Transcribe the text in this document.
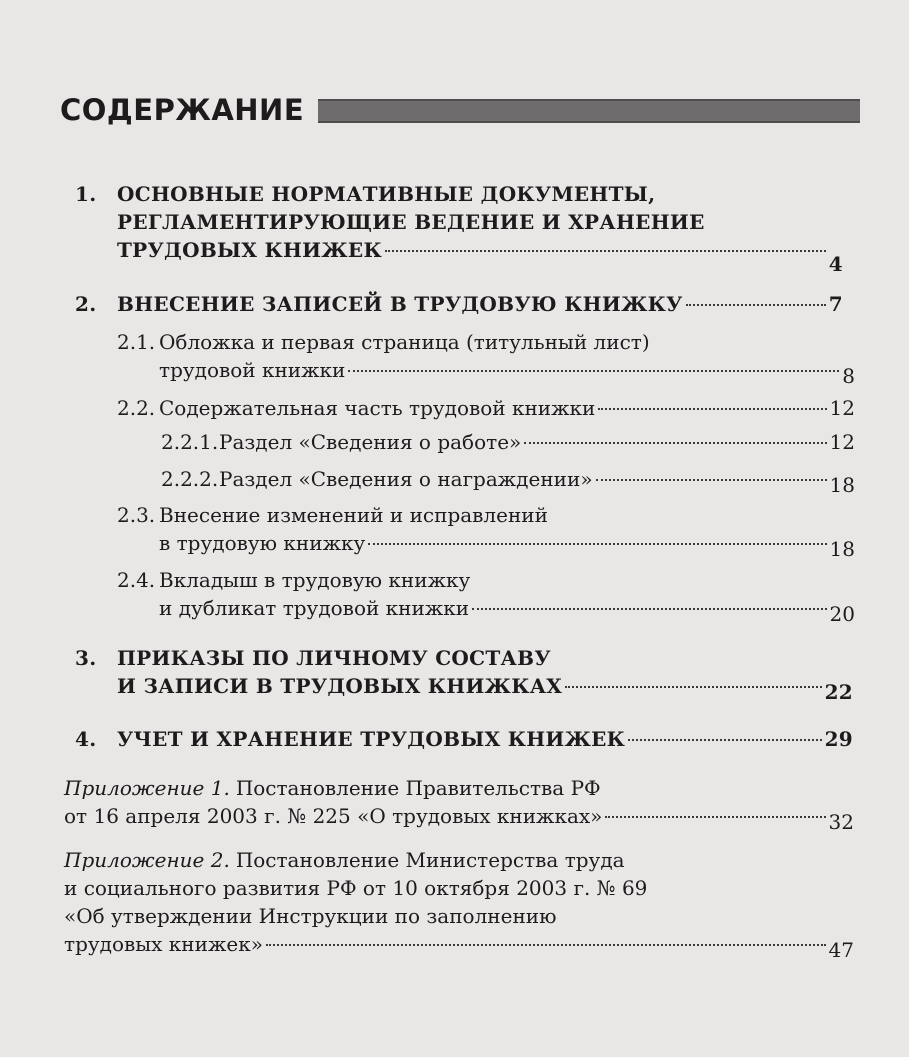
СОДЕРЖАНИЕ
1.	ОСНОВНЫЕ НОРМАТИВНЫЕ ДОКУМЕНТЫ,
РЕГЛАМЕНТИРУЮЩИЕ ВЕДЕНИЕ И ХРАНЕНИЕ
ТРУДОВЫХ КНИЖЕК
4
2.	ВНЕСЕНИЕ ЗАПИСЕЙ В ТРУДОВУЮ КНИЖКУ	7
2.1. Обложка и первая страница (титульный лист)
трудовой книжки	8
2.2. Содержательная часть трудовой книжки	12
2.2.1. Раздел «Сведения о работе»	12
2.2.2. Раздел «Сведения о награждении»	18
2.3. Внесение изменений и исправлений
в трудовую книжку	18
2.4. Вкладыш в трудовую книжку
и дубликат трудовой книжки	20
3.	ПРИКАЗЫ ПО ЛИЧНОМУ СОСТАВУ
И ЗАПИСИ В ТРУДОВЫХ КНИЖКАХ	22
4.	УЧЕТ И ХРАНЕНИЕ ТРУДОВЫХ КНИЖЕК	29
Приложение 1. Постановление Правительства РФ
от 16 апреля 2003 г. № 225 «О трудовых книжках»	32
Приложение 2. Постановление Министерства труда
и социального развития РФ от 10 октября 2003 г. № 69
«Об утверждении Инструкции по заполнению
трудовых книжек»	47
